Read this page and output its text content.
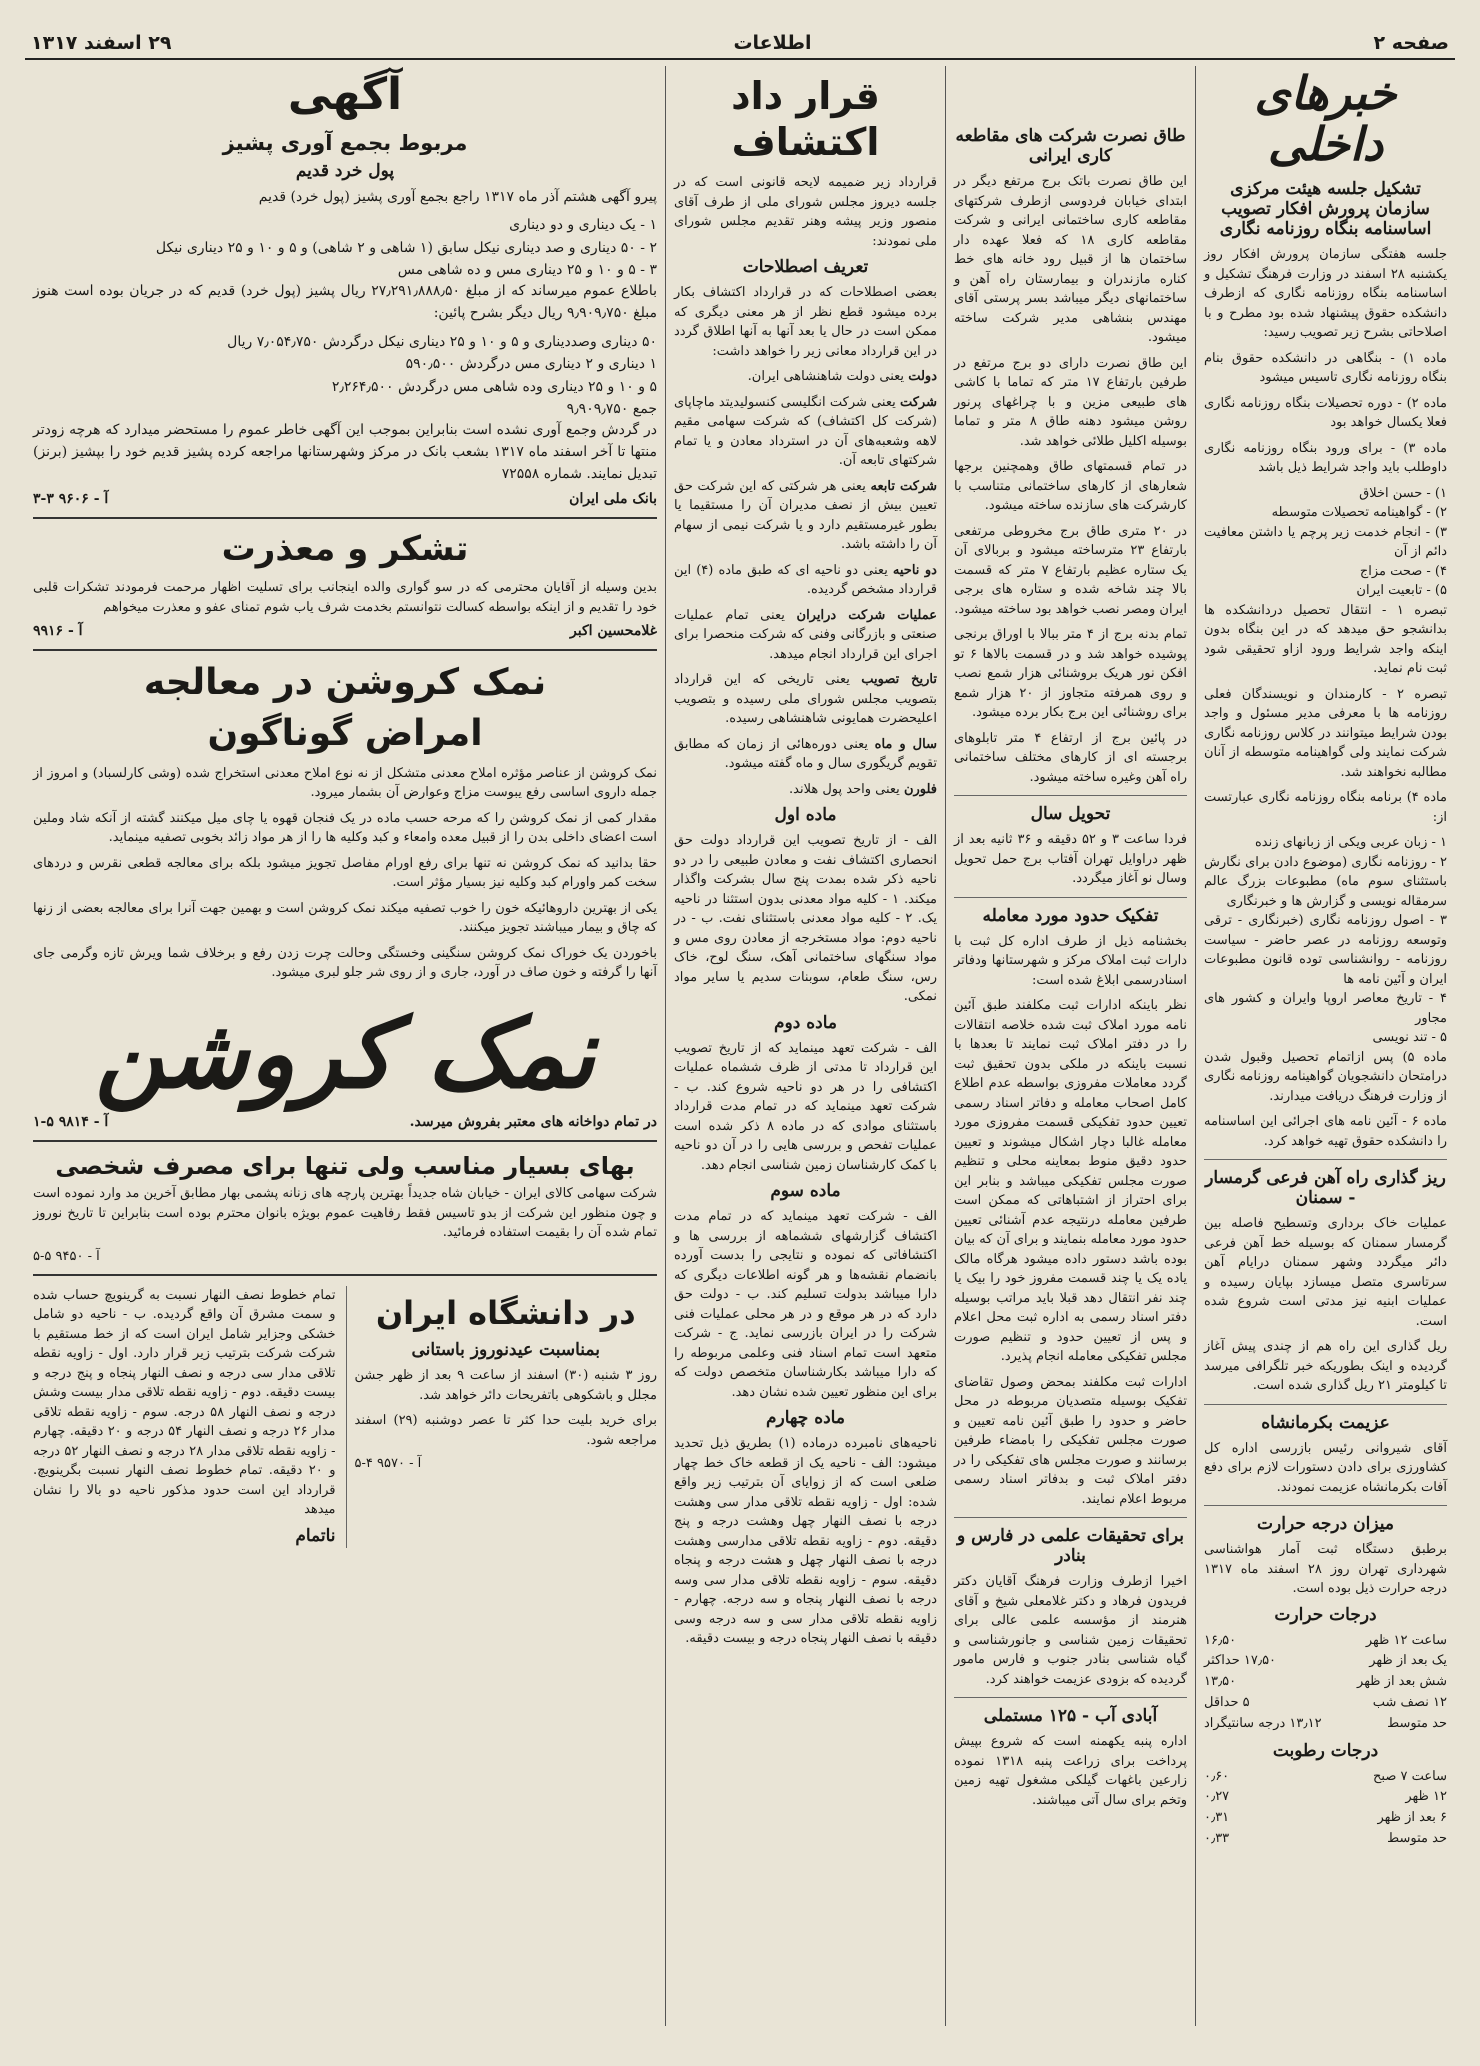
صفحه ۲
اطلاعات
۲۹ اسفند ۱۳۱۷
خبرهای داخلی
تشکیل جلسه هیئت مرکزی سازمان پرورش افکار تصویب اساسنامه بنگاه روزنامه نگاری

جلسه هفتگی سازمان پرورش افکار روز یکشنبه ۲۸ اسفند در وزارت فرهنگ تشکیل و اساسنامه بنگاه روزنامه نگاری که ازطرف دانشکده حقوق پیشنهاد شده بود مطرح و با اصلاحاتی بشرح زیر تصویب رسید:

ماده ۱) - بنگاهی در دانشکده حقوق بنام بنگاه روزنامه نگاری تاسیس میشود

ماده ۲) - دوره تحصیلات بنگاه روزنامه نگاری فعلا یکسال خواهد بود

ماده ۳) - برای ورود بنگاه روزنامه نگاری داوطلب باید واجد شرایط ذیل باشد

۱) - حسن اخلاق

۲) - گواهینامه تحصیلات متوسطه

۳) - انجام خدمت زیر پرچم یا داشتن معافیت دائم از آن

۴) - صحت مزاج

۵) - تابعیت ایران

تبصره ۱ - انتقال تحصیل دردانشکده ها بدانشجو حق میدهد که در این بنگاه بدون اینکه واجد شرایط ورود ازاو تحقیقی شود ثبت نام نماید.

تبصره ۲ - کارمندان و نویسندگان فعلی روزنامه ها با معرفی مدیر مسئول و واجد بودن شرایط میتوانند در کلاس روزنامه نگاری شرکت نمایند ولی گواهینامه متوسطه از آنان مطالبه نخواهند شد.

ماده ۴) برنامه بنگاه روزنامه نگاری عبارتست از:

۱ - زبان عربی ویکی از زبانهای زنده

۲ - روزنامه نگاری (موضوع دادن برای نگارش باستثنای سوم ماه) مطبوعات بزرگ عالم سرمقاله نویسی و گزارش ها و خبرنگاری

۳ - اصول روزنامه نگاری (خبرنگاری - ترقی وتوسعه روزنامه در عصر حاضر - سیاست روزنامه - روانشناسی توده قانون مطبوعات ایران و آئین نامه ها

۴ - تاریخ معاصر اروپا وایران و کشور های مجاور

۵ - تند نویسی

ماده ۵) پس ازاتمام تحصیل وقبول شدن درامتحان دانشجویان گواهینامه روزنامه نگاری از وزارت فرهنگ دریافت میدارند.

ماده ۶ - آئین نامه های اجرائی این اساسنامه را دانشکده حقوق تهیه خواهد کرد.

ریز گذاری راه آهن فرعی گرمسار - سمنان

عملیات خاک برداری وتسطیح فاصله بین گرمسار سمنان که بوسیله خط آهن فرعی دائر میگردد وشهر سمنان درایام آهن سرتاسری متصل میسازد بپایان رسیده و عملیات ابنیه نیز مدتی است شروع شده است.

ریل گذاری این راه هم از چندی پیش آغاز گردیده و اینک بطوریکه خبر تلگرافی میرسد تا کیلومتر ۲۱ ریل گذاری شده است.

عزیمت بکرمانشاه

آقای شیروانی رئیس بازرسی اداره کل کشاورزی برای دادن دستورات لازم برای دفع آفات بکرمانشاه عزیمت نمودند.

میزان درجه حرارت

برطبق دستگاه ثبت آمار هواشناسی شهرداری تهران روز ۲۸ اسفند ماه ۱۳۱۷ درجه حرارت ذیل بوده است.

درجات حرارت
ساعت ۱۲ ظهر
۱۶٫۵۰
یک بعد از ظهر
۱۷٫۵۰ حداکثر
شش بعد از ظهر
۱۳٫۵۰
۱۲ نصف شب
۵ حداقل
حد متوسط
۱۳٫۱۲ درجه سانتیگراد
درجات رطوبت
ساعت ۷ صبح
۰٫۶۰
۱۲ ظهر
۰٫۲۷
۶ بعد از ظهر
۰٫۳۱
حد متوسط
۰٫۳۳
طاق نصرت شرکت های مقاطعه کاری ایرانی

این طاق نصرت باتک برج مرتفع دیگر در ابتدای خیابان فردوسی ازطرف شرکتهای مقاطعه کاری ساختمانی ایرانی و شرکت مقاطعه کاری ۱۸ که فعلا عهده دار ساختمان ها از قبیل رود خانه های خط کناره مازندران و بیمارستان راه آهن و ساختمانهای دیگر میباشد بسر پرستی آقای مهندس بنشاهی مدیر شرکت ساخته میشود.

این طاق نصرت دارای دو برج مرتفع در طرفین بارتفاع ۱۷ متر که تماما با کاشی های طبیعی مزین و با چراغهای پرنور روشن میشود دهنه طاق ۸ متر و تماما بوسیله اکلیل طلائی خواهد شد.

در تمام قسمتهای طاق وهمچنین برجها شعارهای از کارهای ساختمانی متناسب با کارشرکت های سازنده ساخته میشود.

در ۲۰ متری طاق برج مخروطی مرتفعی بارتفاع ۲۳ مترساخته میشود و بربالای آن یک ستاره عظیم بارتفاع ۷ متر که قسمت بالا چند شاخه شده و ستاره های برجی ایران ومصر نصب خواهد بود ساخته میشود.

تمام بدنه برج از ۴ متر ببالا با اوراق برنجی پوشیده خواهد شد و در قسمت بالاها ۶ تو افکن نور هریک بروشنائی هزار شمع نصب و روی همرفته متجاوز از ۲۰ هزار شمع برای روشنائی این برج بکار برده میشود.

در پائین برج از ارتفاع ۴ متر تابلوهای برجسته ای از کارهای مختلف ساختمانی راه آهن وغیره ساخته میشود.

تحویل سال

فردا ساعت ۳ و ۵۲ دقیقه و ۳۶ ثانیه بعد از ظهر دراوایل تهران آفتاب برج حمل تحویل وسال نو آغاز میگردد.

تفکیک حدود مورد معامله

بخشنامه ذیل از طرف اداره کل ثبت با دارات ثبت املاک مرکز و شهرستانها ودفاتر اسنادرسمی ابلاغ شده است:

نظر باینکه ادارات ثبت مکلفند طبق آئین نامه مورد املاک ثبت شده خلاصه انتقالات را در دفتر املاک ثبت نمایند تا بعدها با نسبت باینکه در ملکی بدون تحقیق ثبت گردد معاملات مفروزی بواسطه عدم اطلاع کامل اصحاب معامله و دفاتر اسناد رسمی تعیین حدود تفکیکی قسمت مفروزی مورد معامله غالبا دچار اشکال میشوند و تعیین حدود دقیق منوط بمعاینه محلی و تنظیم صورت مجلس تفکیکی میباشد و بنابر این برای احتراز از اشتباهاتی که ممکن است طرفین معامله درنتیجه عدم آشنائی تعیین حدود مورد معامله بنمایند و برای آن که بیان بوده باشد دستور داده میشود هرگاه مالک یاده یک یا چند قسمت مفروز خود را بیک یا چند نفر انتقال دهد قبلا باید مراتب بوسیله دفتر اسناد رسمی به اداره ثبت محل اعلام و پس از تعیین حدود و تنظیم صورت مجلس تفکیکی معامله انجام پذیرد.

ادارات ثبت مکلفند بمحض وصول تقاضای تفکیک بوسیله متصدیان مربوطه در محل حاضر و حدود را طبق آئین نامه تعیین و صورت مجلس تفکیکی را بامضاء طرفین برسانند و صورت مجلس های تفکیکی را در دفتر املاک ثبت و بدفاتر اسناد رسمی مربوط اعلام نمایند.

برای تحقیقات علمی در فارس و بنادر

اخیرا ازطرف وزارت فرهنگ آقایان دکتر فریدون فرهاد و دکتر غلامعلی شیخ و آقای هنرمند از مؤسسه علمی عالی برای تحقیقات زمین شناسی و جانورشناسی و گیاه شناسی بنادر جنوب و فارس مامور گردیده که بزودی عزیمت خواهند کرد.

آبادی آب - ۱۲۵ مستملی

اداره پنبه یکهمنه است که شروع بپیش پرداخت برای زراعت پنبه ۱۳۱۸ نموده زارعین باغهات گیلکی مشغول تهیه زمین وتخم برای سال آتی میباشند.

قرار داد اکتشاف

قرارداد زیر ضمیمه لایحه قانونی است که در جلسه دیروز مجلس شورای ملی از طرف آقای منصور وزیر پیشه وهنر تقدیم مجلس شورای ملی نمودند:

تعریف اصطلاحات

بعضی اصطلاحات که در قرارداد اکتشاف بکار برده میشود قطع نظر از هر معنی دیگری که ممکن است در حال یا بعد آنها به آنها اطلاق گردد در این قرارداد معانی زیر را خواهد داشت:

دولت یعنی دولت شاهنشاهی ایران.

شرکت یعنی شرکت انگلیسی کنسولیدیتد ماچاپای (شرکت کل اکتشاف) که شرکت سهامی مقیم لاهه وشعبه‌های آن در استرداد معادن و یا تمام شرکتهای تابعه آن.

شرکت تابعه یعنی هر شرکتی که این شرکت حق تعیین بیش از نصف مدیران آن را مستقیما یا بطور غیرمستقیم دارد و یا شرکت نیمی از سهام آن را داشته باشد.

دو ناحیه یعنی دو ناحیه ای که طبق ماده (۴) این قرارداد مشخص گردیده.

عملیات شرکت درایران یعنی تمام عملیات صنعتی و بازرگانی وفنی که شرکت منحصرا برای اجرای این قرارداد انجام میدهد.

تاریخ تصویب یعنی تاریخی که این قرارداد بتصویب مجلس شورای ملی رسیده و بتصویب اعلیحضرت همایونی شاهنشاهی رسیده.

سال و ماه یعنی دوره‌هائی از زمان که مطابق تقویم گریگوری سال و ماه گفته میشود.

فلورن یعنی واحد پول هلاند.

ماده اول

الف - از تاریخ تصویب این قرارداد دولت حق انحصاری اکتشاف نفت و معادن طبیعی را در دو ناحیه ذکر شده بمدت پنج سال بشرکت واگذار میکند. ۱ - کلیه مواد معدنی بدون استثنا در ناحیه یک. ۲ - کلیه مواد معدنی باستثنای نفت. ب - در ناحیه دوم: مواد مستخرجه از معادن روی مس و مواد سنگهای ساختمانی آهک، سنگ لوح، خاک رس، سنگ طعام، سوبنات سدیم یا سایر مواد نمکی.

ماده دوم

الف - شرکت تعهد مینماید که از تاریخ تصویب این قرارداد تا مدتی از ظرف ششماه عملیات اکتشافی را در هر دو ناحیه شروع کند. ب - شرکت تعهد مینماید که در تمام مدت قرارداد باستثنای موادی که در ماده ۸ ذکر شده است عملیات تفحص و بررسی هایی را در آن دو ناحیه با کمک کارشناسان زمین شناسی انجام دهد.

ماده سوم

الف - شرکت تعهد مینماید که در تمام مدت اکتشاف گزارشهای ششماهه از بررسی ها و اکتشافاتی که نموده و نتایجی را بدست آورده بانضمام نقشه‌ها و هر گونه اطلاعات دیگری که دارا میباشد بدولت تسلیم کند. ب - دولت حق دارد که در هر موقع و در هر محلی عملیات فنی شرکت را در ایران بازرسی نماید. ج - شرکت متعهد است تمام اسناد فنی وعلمی مربوطه را که دارا میباشد بکارشناسان متخصص دولت که برای این منظور تعیین شده نشان دهد.

ماده چهارم

ناحیه‌های نامبرده درماده (۱) بطریق ذیل تحدید میشود: الف - ناحیه یک از قطعه خاک خط چهار ضلعی است که از زوایای آن بترتیب زیر واقع شده: اول - زاویه نقطه تلاقی مدار سی وهشت درجه با نصف النهار چهل وهشت درجه و پنج دقیقه. دوم - زاویه نقطه تلاقی مدارسی وهشت درجه با نصف النهار چهل و هشت درجه و پنجاه دقیقه. سوم - زاویه نقطه تلاقی مدار سی وسه درجه با نصف النهار پنجاه و سه درجه. چهارم - زاویه نقطه تلاقی مدار سی و سه درجه وسی دقیقه با نصف النهار پنجاه درجه و بیست دقیقه.

آگهی
مربوط بجمع آوری پشیز
پول خرد قدیم

پیرو آگهی هشتم آذر ماه ۱۳۱۷ راجع بجمع آوری پشیز (پول خرد) قدیم

۱ - یک دیناری و دو دیناری

۲ - ۵۰ دیناری و صد دیناری نیکل سابق (۱ شاهی و ۲ شاهی) و ۵ و ۱۰ و ۲۵ دیناری نیکل

۳ - ۵ و ۱۰ و ۲۵ دیناری مس و ده شاهی مس

باطلاع عموم میرساند که از مبلغ ۲۷٫۲۹۱٫۸۸۸٫۵۰ ریال پشیز (پول خرد) قدیم که در جریان بوده است هنوز مبلغ ۹٫۹۰۹٫۷۵۰ ریال دیگر بشرح پائین:

۵۰ دیناری وصددیناری و ۵ و ۱۰ و ۲۵ دیناری نیکل درگردش ۷٫۰۵۴٫۷۵۰ ریال

۱ دیناری و ۲ دیناری مس درگردش ۵۹۰٫۵۰۰

۵ و ۱۰ و ۲۵ دیناری وده شاهی مس درگردش ۲٫۲۶۴٫۵۰۰

جمع ۹٫۹۰۹٫۷۵۰

در گردش وجمع آوری نشده است بنابراین بموجب این آگهی خاطر عموم را مستحضر میدارد که هرچه زودتر منتها تا آخر اسفند ماه ۱۳۱۷ بشعب بانک در مرکز وشهرستانها مراجعه کرده پشیز قدیم خود را بپشیز (برنز) تبدیل نمایند. شماره ۷۲۵۵۸

بانک ملی ایران
آ - ۹۶۰۶ ۳-۳
تشکر و معذرت

بدین وسیله از آقایان محترمی که در سو گواری والده اینجانب برای تسلیت اظهار مرحمت فرمودند تشکرات قلبی خود را تقدیم و از اینکه بواسطه کسالت نتوانستم بخدمت شرف یاب شوم تمنای عفو و معذرت میخواهم

غلامحسین اکبر
آ - ۹۹۱۶
نمک کروشن در معالجه
امراض گوناگون

نمک کروشن از عناصر مؤثره املاح معدنی متشکل از نه نوع املاح معدنی استخراج شده (وشی کارلسباد) و امروز از جمله داروی اساسی رفع یبوست مزاج وعوارض آن بشمار میرود.

مقدار کمی از نمک کروشن را که مرحه حسب ماده در یک فنجان قهوه یا چای میل میکنند گشته از آنکه شاد وملین است اعضای داخلی بدن را از قبیل معده وامعاء و کبد وکلیه ها را از هر مواد زائد بخوبی تصفیه مینماید.

حقا بدانید که نمک کروشن نه تنها برای رفع اورام مفاصل تجویز میشود بلکه برای معالجه قطعی نقرس و دردهای سخت کمر واورام کبد وکلیه نیز بسیار مؤثر است.

یکی از بهترین داروهائیکه خون را خوب تصفیه میکند نمک کروشن است و بهمین جهت آنرا برای معالجه بعضی از زنها که چاق و بیمار میباشند تجویز میکنند.

باخوردن یک خوراک نمک کروشن سنگینی وخستگی وحالت چرت زدن رفع و برخلاف شما ویرش تازه وگرمی جای آنها را گرفته و خون صاف در آورد، جاری و از روی شر جلو لبری میشود.

نمک کروشن
در تمام دواخانه های معتبر بفروش میرسد.
آ - ۹۸۱۴ ۵-۱
بهای بسیار مناسب ولی تنها برای مصرف شخصی

شرکت سهامی کالای ایران - خیابان شاه جدیداً بهترین پارچه های زنانه پشمی بهار مطابق آخرین مد وارد نموده است و چون منظور این شرکت از بدو تاسیس فقط رفاهیت عموم بویژه بانوان محترم بوده است بنابراین تا تاریخ نوروز تمام شده آن را بقیمت استفاده فرمائید.

آ - ۹۴۵۰ ۵-۵
در دانشگاه ایران
بمناسبت عیدنوروز باستانی

روز ۳ شنبه (۳۰) اسفند از ساعت ۹ بعد از ظهر جشن مجلل و باشکوهی باتفریحات دائر خواهد شد.

برای خرید بلیت حدا کثر تا عصر دوشنبه (۲۹) اسفند مراجعه شود.

آ - ۹۵۷۰ ۴-۵

تمام خطوط نصف النهار نسبت به گرینویچ حساب شده و سمت مشرق آن واقع گردیده. ب - ناحیه دو شامل خشکی وجزایر شامل ایران است که از خط مستقیم با شرکت شرکت بترتیب زیر قرار دارد. اول - زاویه نقطه تلاقی مدار سی درجه و نصف النهار پنجاه و پنج درجه و بیست دقیقه. دوم - زاویه نقطه تلاقی مدار بیست وشش درجه و نصف النهار ۵۸ درجه. سوم - زاویه نقطه تلاقی مدار ۲۶ درجه و نصف النهار ۵۴ درجه و ۲۰ دقیقه. چهارم - زاویه نقطه تلاقی مدار ۲۸ درجه و نصف النهار ۵۲ درجه و ۲۰ دقیقه. تمام خطوط نصف النهار نسبت بگرینویچ. قرارداد این است حدود مذکور ناحیه دو بالا را نشان میدهد

ناتمام
